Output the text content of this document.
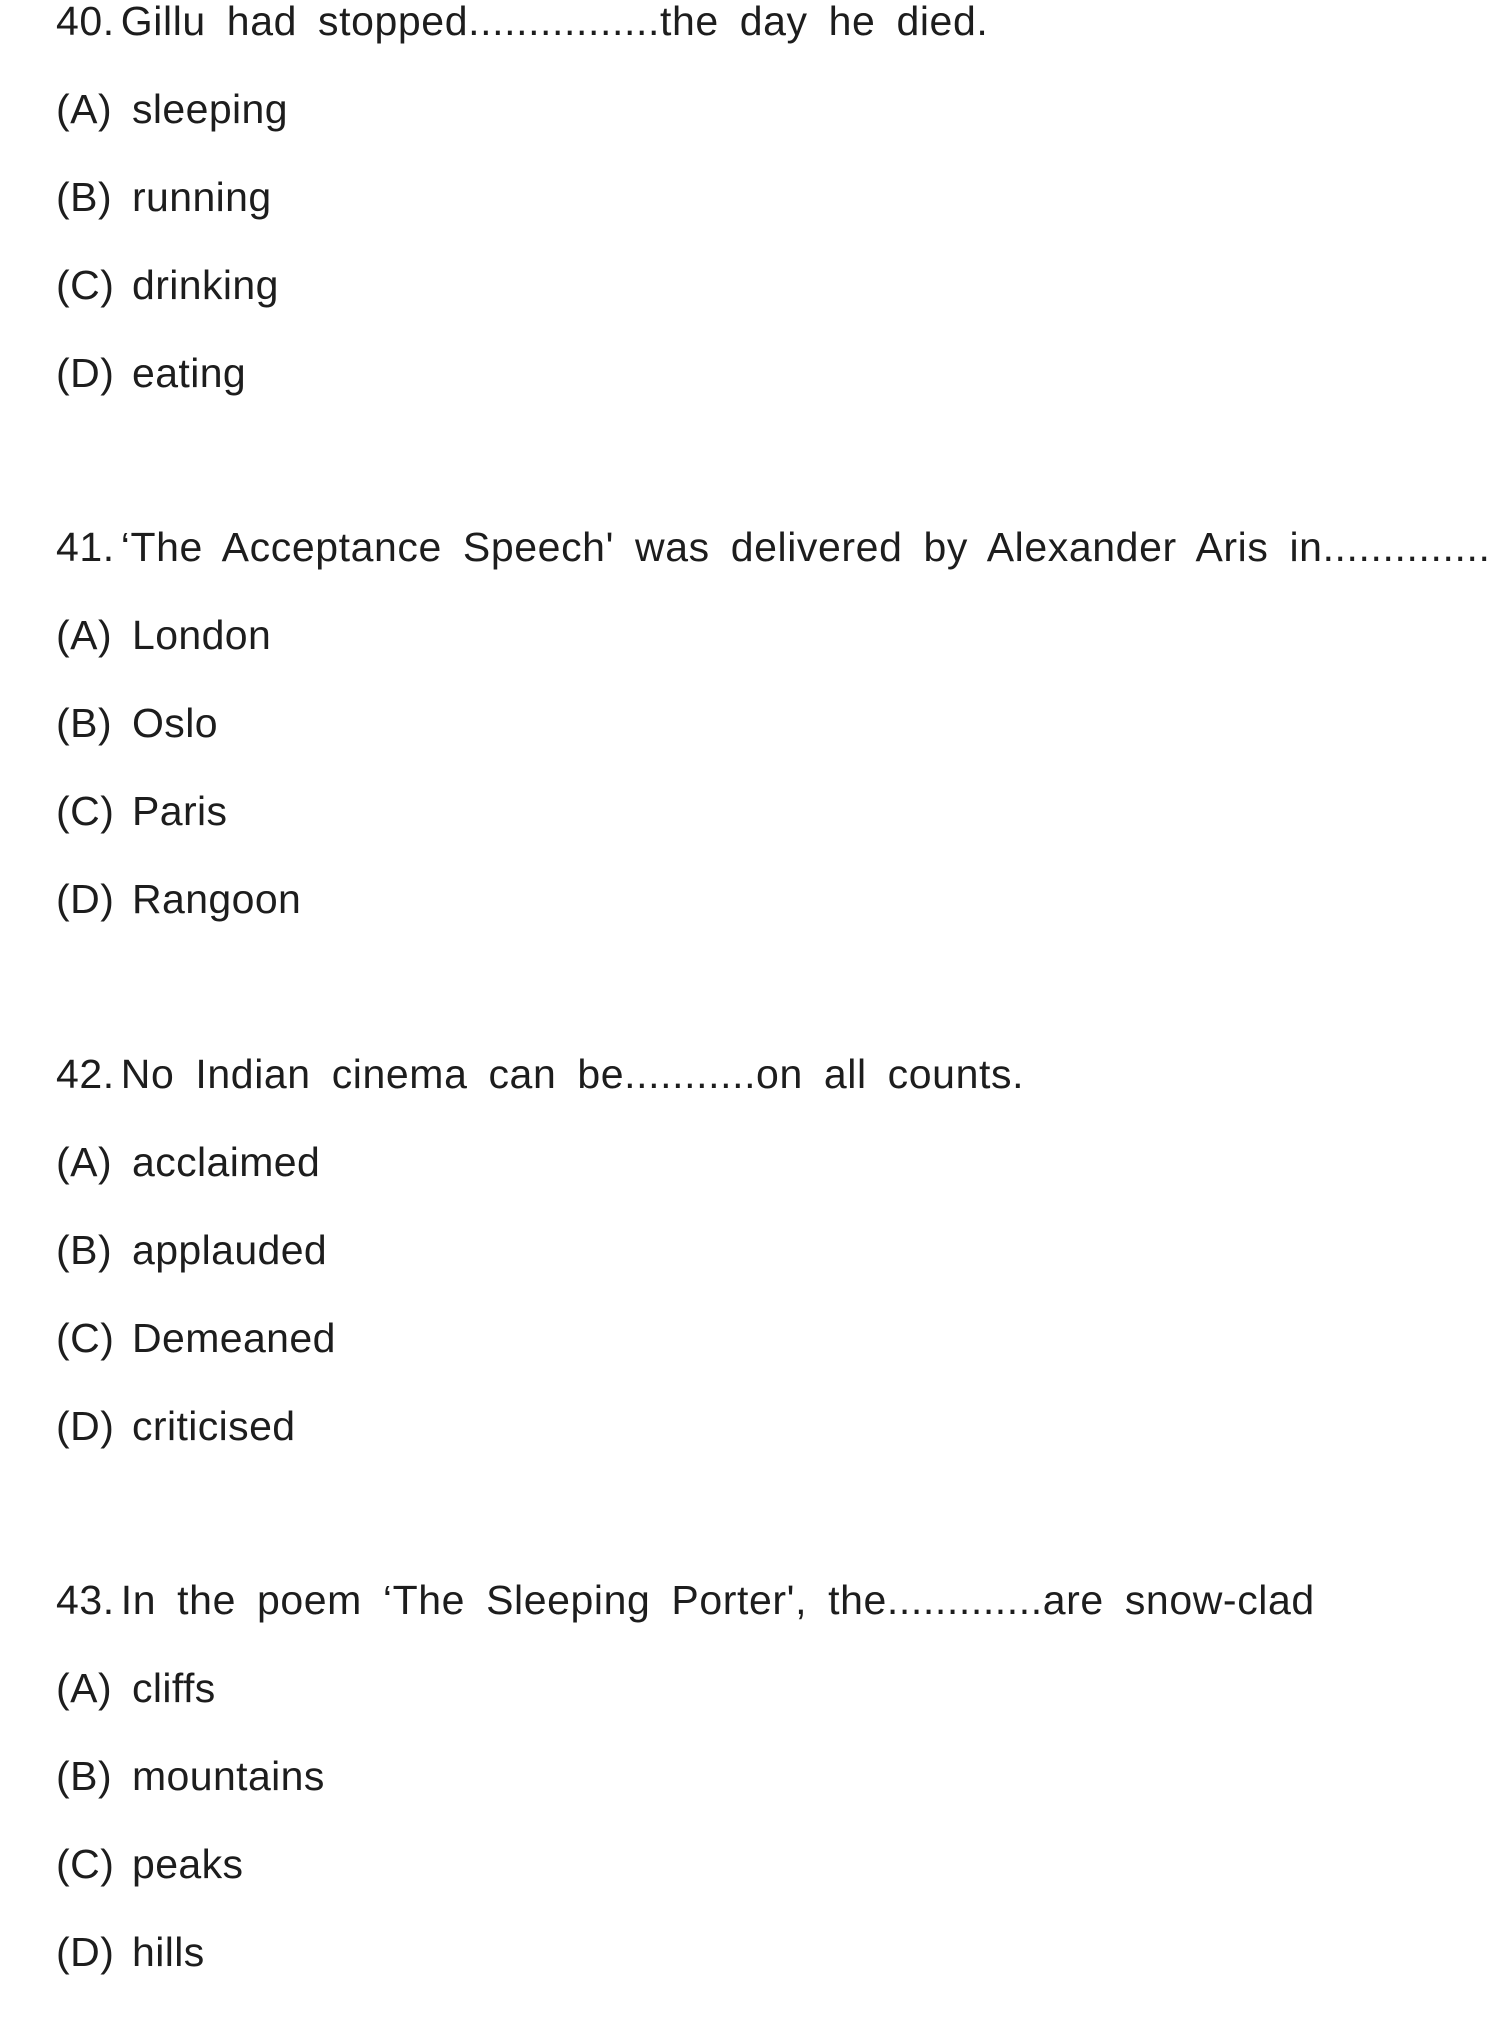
40. Gillu had stopped................the day he died.
(A) sleeping
(B) running
(C) drinking
(D) eating
41. ‘The Acceptance Speech' was delivered by Alexander Aris in..............
(A) London
(B) Oslo
(C) Paris
(D) Rangoon
42. No Indian cinema can be...........on all counts.
(A) acclaimed
(B) applauded
(C) Demeaned
(D) criticised
43. In the poem ‘The Sleeping Porter', the.............are snow-clad
(A) cliffs
(B) mountains
(C) peaks
(D) hills
